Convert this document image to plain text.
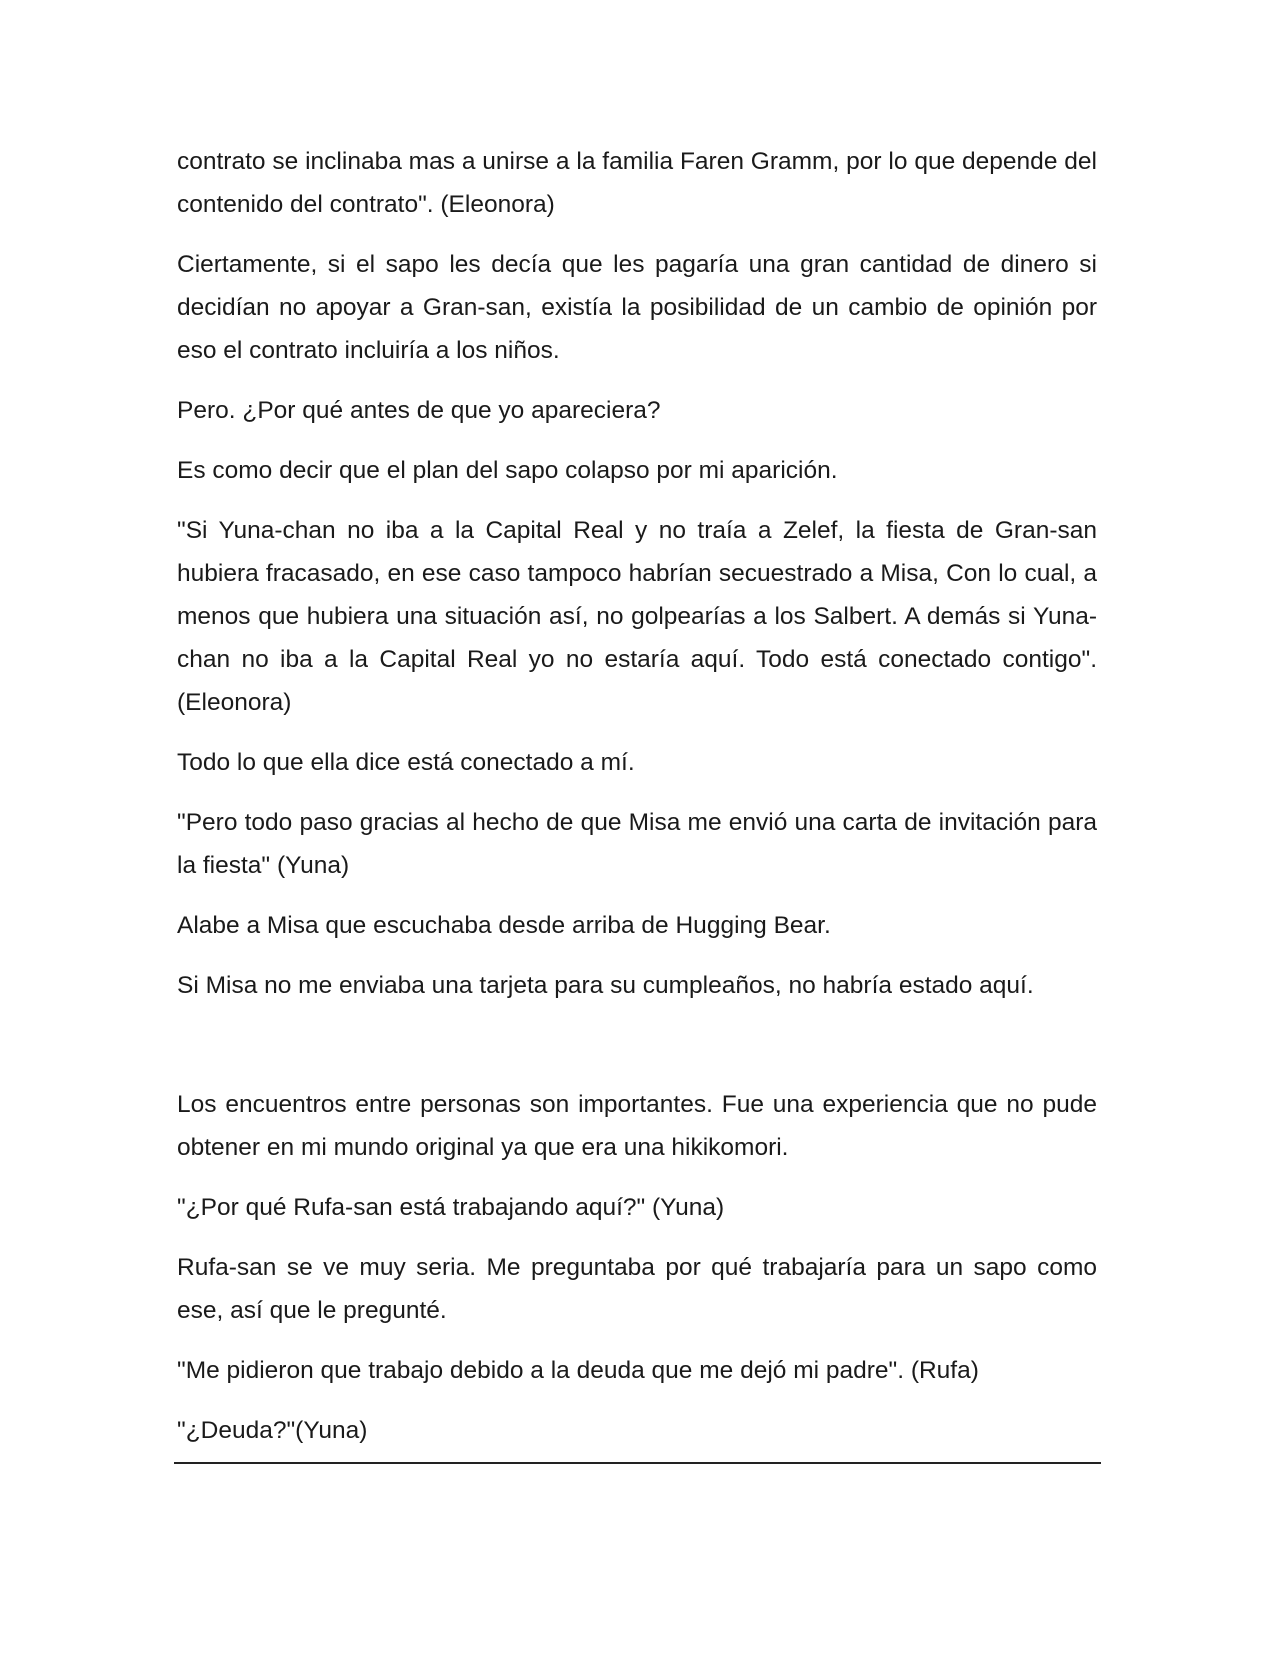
contrato se inclinaba mas a unirse a la familia Faren Gramm, por lo que depende del contenido del contrato". (Eleonora)

Ciertamente, si el sapo les decía que les pagaría una gran cantidad de dinero si decidían no apoyar a Gran-san, existía la posibilidad de un cambio de opinión por eso el contrato incluiría a los niños.

Pero. ¿Por qué antes de que yo apareciera?

Es como decir que el plan del sapo colapso por mi aparición.

"Si Yuna-chan no iba a la Capital Real y no traía a Zelef, la fiesta de Gran-san hubiera fracasado, en ese caso tampoco habrían secuestrado a Misa, Con lo cual, a menos que hubiera una situación así, no golpearías a los Salbert. A demás si Yuna-chan no iba a la Capital Real yo no estaría aquí. Todo está conectado contigo". (Eleonora)

Todo lo que ella dice está conectado a mí.

"Pero todo paso gracias al hecho de que Misa me envió una carta de invitación para la fiesta" (Yuna)

Alabe a Misa que escuchaba desde arriba de Hugging Bear.

Si Misa no me enviaba una tarjeta para su cumpleaños, no habría estado aquí.

Los encuentros entre personas son importantes. Fue una experiencia que no pude obtener en mi mundo original ya que era una hikikomori.

"¿Por qué Rufa-san está trabajando aquí?" (Yuna)

Rufa-san se ve muy seria. Me preguntaba por qué trabajaría para un sapo como ese, así que le pregunté.

"Me pidieron que trabajo debido a la deuda que me dejó mi padre". (Rufa)

"¿Deuda?"(Yuna)
